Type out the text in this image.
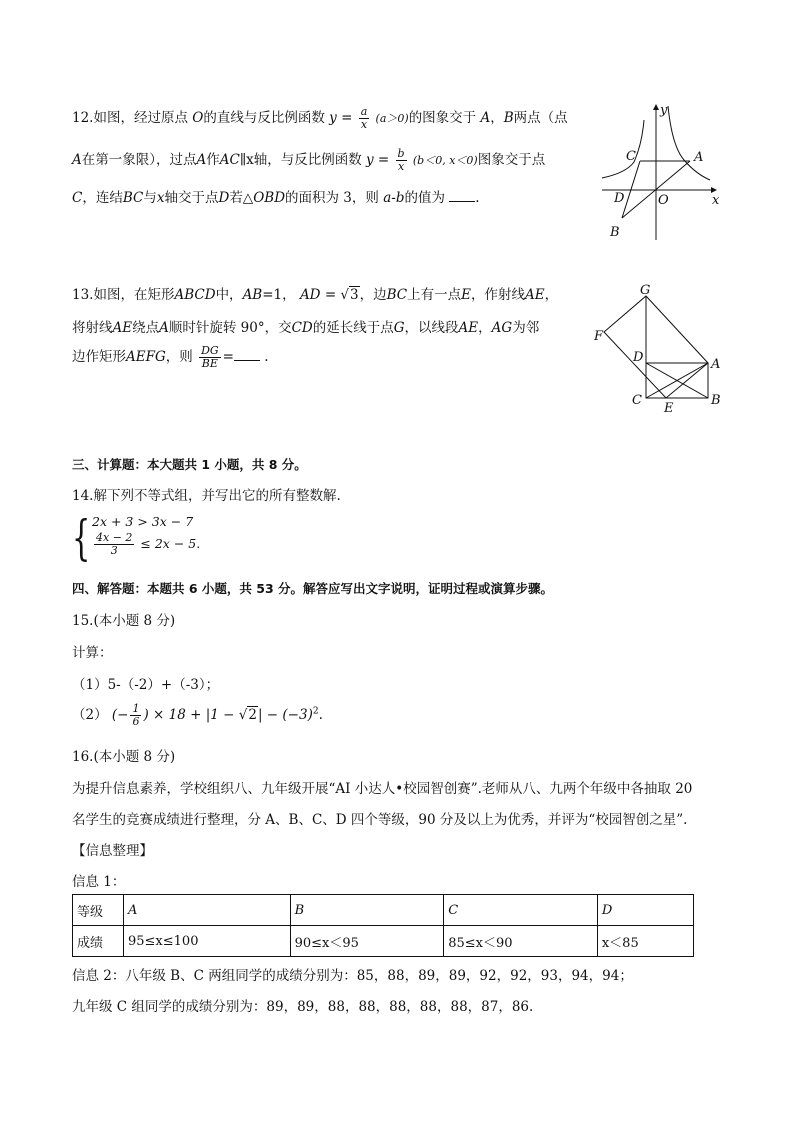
12.如图，经过原点 O的直线与反比例函数 $y = \frac{a}{x} (a>0)$的图象交于 A，B两点（点
A在第一象限），过点A作AC∥x轴，与反比例函数 $y = \frac{b}{x} (b<0$, x＜0)图象交于点
C，连结BC与x轴交于点D若△OBD的面积为 3，则 a-b的值为 .
y
x
C	A
D	O
B
13.如图，在矩形ABCD中，AB=1， AD = √3，边BC上有一点E，作射线AE，
将射线AE绕点A顺时针旋转 90°，交CD的延长线于点G，以线段AE，AG为邻
边作矩形AEFG，则 $\frac{DG}{BE}$ = .
G
F
D	A
C
E
B
三、计算题：本大题共 1 小题，共 8 分。
14.解下列不等式组，并写出它的所有整数解.
{ 2x + 3 > 3x − 7
$\frac{4x - 2}{3} \le 2x - 5$.
四、解答题：本题共 6 小题，共 53 分。解答应写出文字说明，证明过程或演算步骤。
15.(本小题 8 分)
计算：
（1）5-（-2）+（-3）；
（2） (− $\frac{1}{6}$ ) × $18 + |1 - √2| - (-3)^2$.
16.(本小题 8 分)
为提升信息素养，学校组织八、九年级开展“AI 小达人•校园智创赛”.老师从八、九两个年级中各抽取 20
名学生的竞赛成绩进行整理，分 A、B、C、D 四个等级，90 分及以上为优秀，并评为“校园智创之星”.
【信息整理】
信息 1：
等级	A	B	C	D
成绩	95≤x≤100	90≤x＜95	85≤x＜90	x＜85
信息 2：八年级 B、C 两组同学的成绩分别为：85，88，89，89，92，92，93，94，94；
九年级 C 组同学的成绩分别为：89，89，88，88，88，88，88，87，86.
